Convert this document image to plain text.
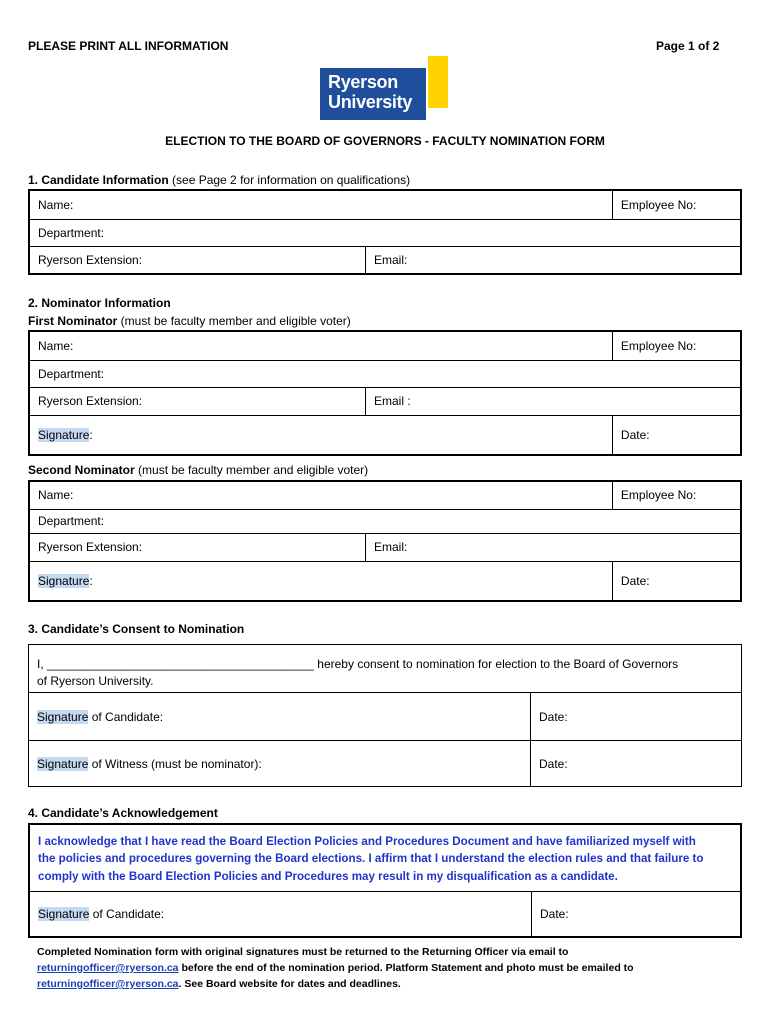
PLEASE PRINT ALL INFORMATION	Page 1 of 2
Ryerson
University
ELECTION TO THE BOARD OF GOVERNORS - FACULTY NOMINATION FORM
1. Candidate Information (see Page 2 for information on qualifications)
Name:		Employee No:
Department:		
Ryerson Extension:	Email:	
2. Nominator Information
First Nominator (must be faculty member and eligible voter)
Name:		Employee No:
Department:		
Ryerson Extension:	Email :	
Signature:		Date:
Second Nominator (must be faculty member and eligible voter)
Name:		Employee No:
Department:		
Ryerson Extension:	Email:	
Signature:		Date:
3. Candidate’s Consent to Nomination
I, ________________________________________ hereby consent to nomination for election to the Board of Governors
of Ryerson University.	

Signature of Candidate:	Date:
Signature of Witness (must be nominator):	Date:
4. Candidate’s Acknowledgement
I acknowledge that I have read the Board Election Policies and Procedures Document and have familiarized myself with
the policies and procedures governing the Board elections. I affirm that I understand the election rules and that failure to
comply with the Board Election Policies and Procedures may result in my disqualification as a candidate.

Signature of Candidate:	Date:
Completed Nomination form with original signatures must be returned to the Returning Officer via email to
returningofficer@ryerson.ca before the end of the nomination period. Platform Statement and photo must be emailed to
returningofficer@ryerson.ca. See Board website for dates and deadlines.
